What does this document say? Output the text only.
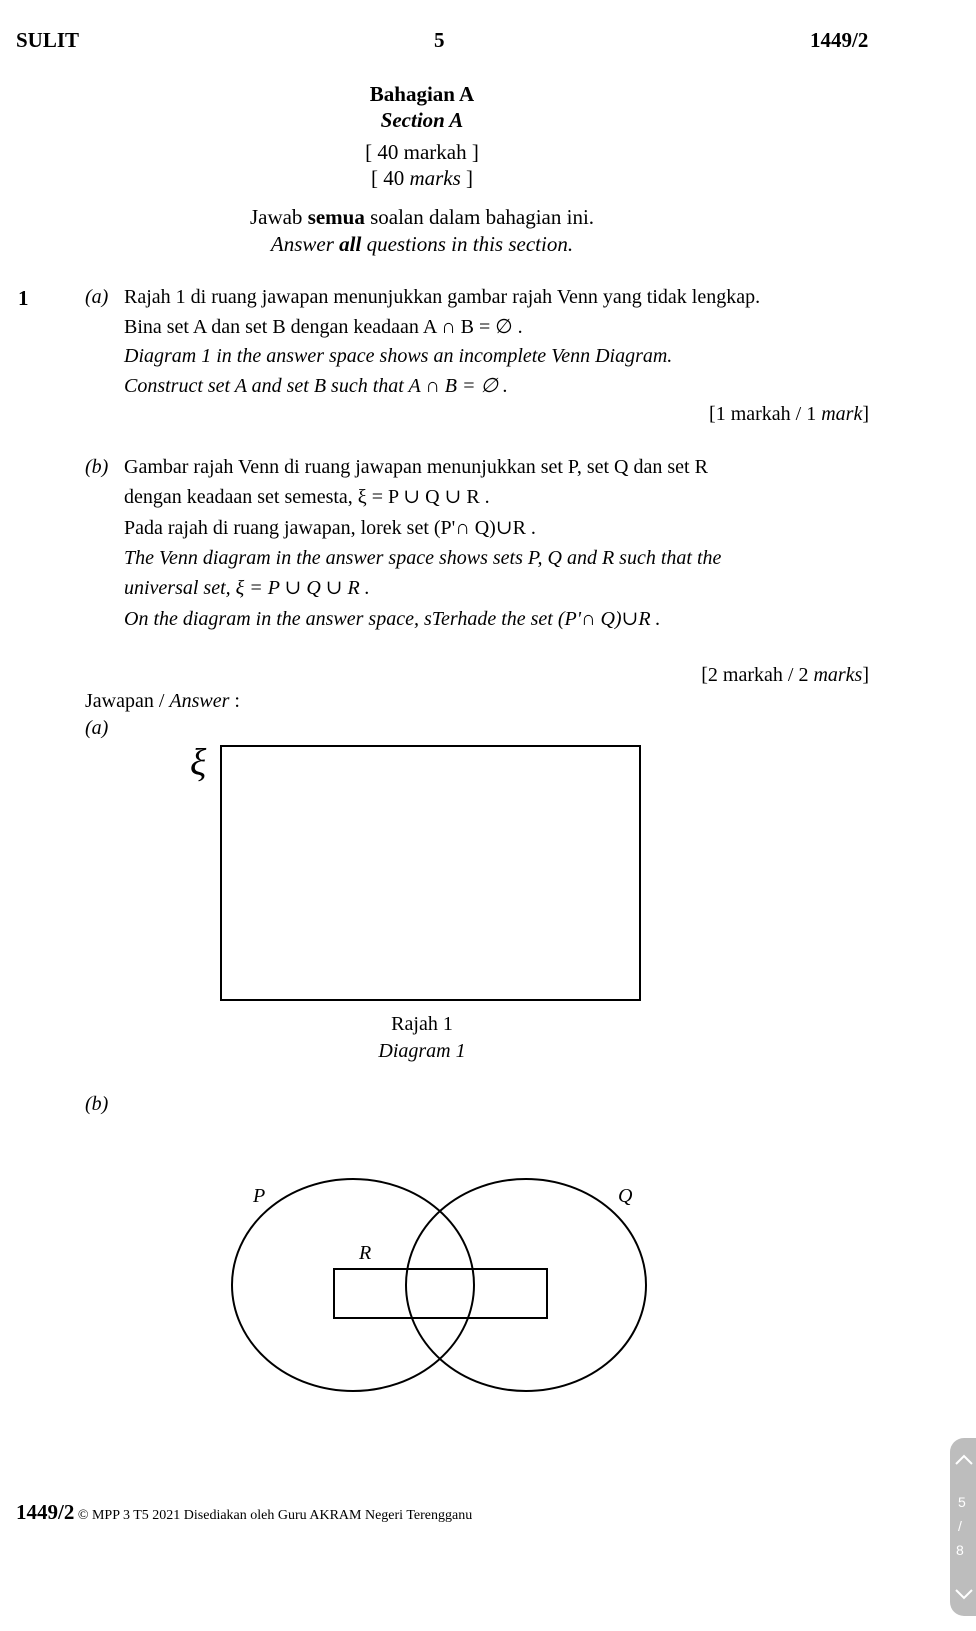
SULIT	5	1449/2
Bahagian A
Section A
[ 40 markah ]
[ 40 marks ]
Jawab semua soalan dalam bahagian ini.
Answer all questions in this section.
1	(a) Rajah 1 di ruang jawapan menunjukkan gambar rajah Venn yang tidak lengkap.
Bina set A dan set B dengan keadaan A ∩ B = ∅ .
Diagram 1 in the answer space shows an incomplete Venn Diagram.
Construct set A and set B such that A ∩ B = ∅ .
[1 markah / 1 mark]
(b) Gambar rajah Venn di ruang jawapan menunjukkan set P, set Q dan set R
dengan keadaan set semesta, ξ = P ∪ Q ∪ R .
Pada rajah di ruang jawapan, lorek set (P'∩ Q)∪R .
The Venn diagram in the answer space shows sets P, Q and R such that the
universal set, ξ = P ∪ Q ∪ R .
On the diagram in the answer space, sTerhade the set (P'∩ Q)∪R .
[2 markah / 2 marks]
Jawapan / Answer :
(a)
ξ
Rajah 1
Diagram 1
(b)
P	Q
R
1449/2 © MPP 3 T5 2021 Disediakan oleh Guru AKRAM Negeri Terengganu
5
/
8
